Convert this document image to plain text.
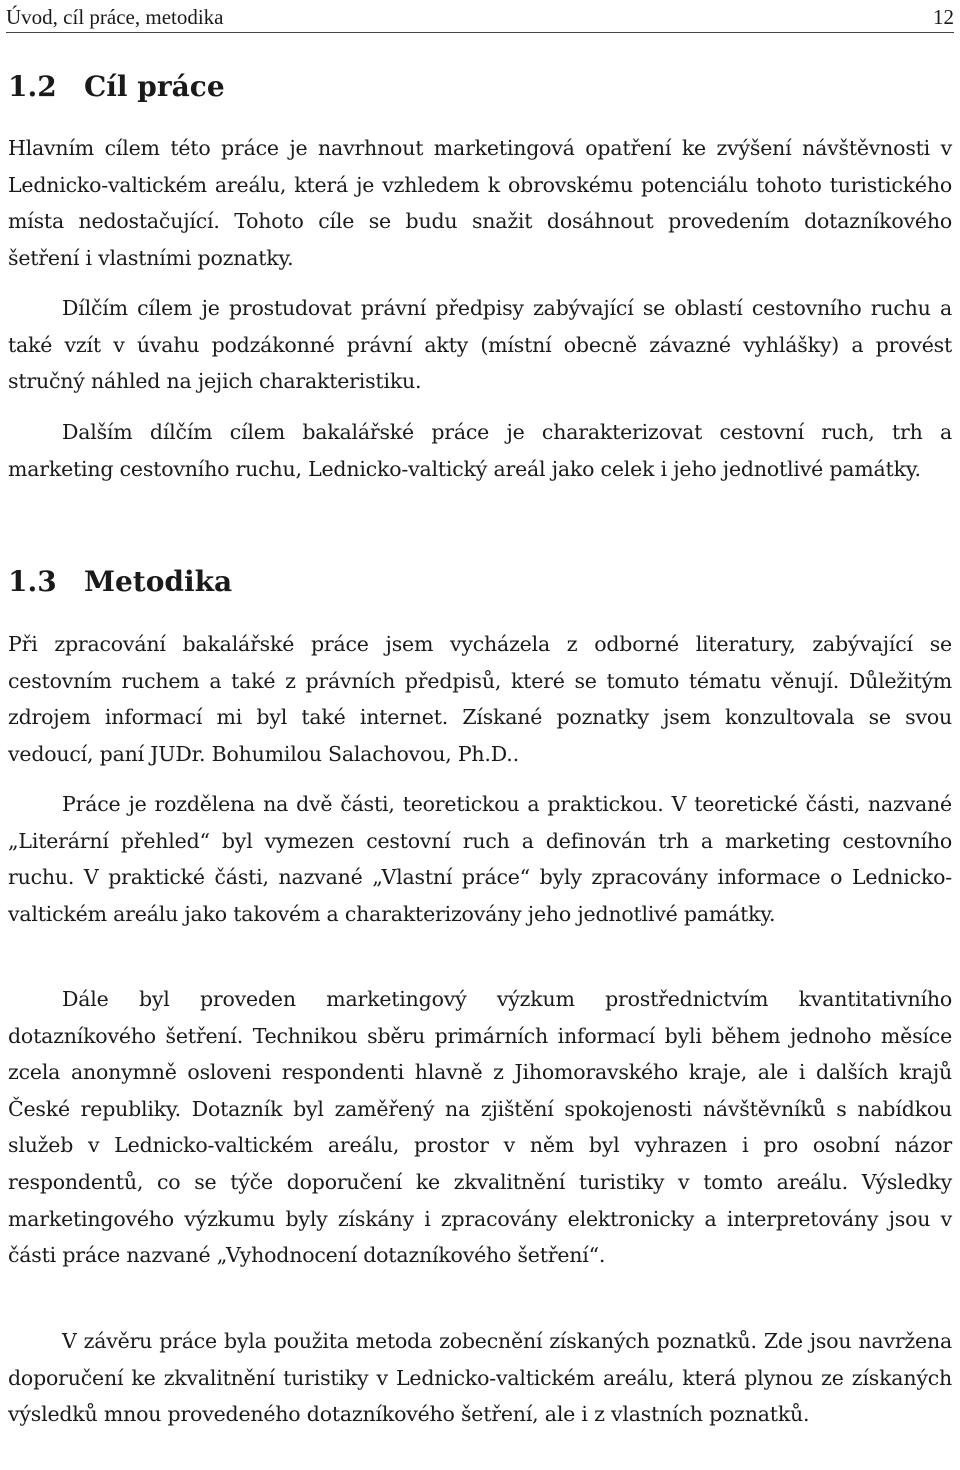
Úvod, cíl práce, metodika	12
1.2 Cíl práce

Hlavním cílem této práce je navrhnout marketingová opatření ke zvýšení návštěvnosti v Lednicko-valtickém areálu, která je vzhledem k obrovskému potenciálu tohoto turistického místa nedostačující. Tohoto cíle se budu snažit dosáhnout provedením dotazníkového šetření i vlastními poznatky.

Dílčím cílem je prostudovat právní předpisy zabývající se oblastí cestovního ruchu a také vzít v úvahu podzákonné právní akty (místní obecně závazné vyhlášky) a provést stručný náhled na jejich charakteristiku.

Dalším dílčím cílem bakalářské práce je charakterizovat cestovní ruch, trh a marketing cestovního ruchu, Lednicko-valtický areál jako celek i jeho jednotlivé památky.

1.3 Metodika

Při zpracování bakalářské práce jsem vycházela z odborné literatury, zabývající se cestovním ruchem a také z právních předpisů, které se tomuto tématu věnují. Důležitým zdrojem informací mi byl také internet. Získané poznatky jsem konzultovala se svou vedoucí, paní JUDr. Bohumilou Salachovou, Ph.D..

Práce je rozdělena na dvě části, teoretickou a praktickou. V teoretické části, nazvané „Literární přehled“ byl vymezen cestovní ruch a definován trh a marketing cestovního ruchu. V praktické části, nazvané „Vlastní práce“ byly zpracovány informace o Lednicko-valtickém areálu jako takovém a charakterizovány jeho jednotlivé památky.

Dále byl proveden marketingový výzkum prostřednictvím kvantitativního dotazníkového šetření. Technikou sběru primárních informací byli během jednoho měsíce zcela anonymně osloveni respondenti hlavně z Jihomoravského kraje, ale i dalších krajů České republiky. Dotazník byl zaměřený na zjištění spokojenosti návštěvníků s nabídkou služeb v Lednicko-valtickém areálu, prostor v něm byl vyhrazen i pro osobní názor respondentů, co se týče doporučení ke zkvalitnění turistiky v tomto areálu. Výsledky marketingového výzkumu byly získány i zpracovány elektronicky a interpretovány jsou v části práce nazvané „Vyhodnocení dotazníkového šetření“.

V závěru práce byla použita metoda zobecnění získaných poznatků. Zde jsou navržena doporučení ke zkvalitnění turistiky v Lednicko-valtickém areálu, která plynou ze získaných výsledků mnou provedeného dotazníkového šetření, ale i z vlastních poznatků.
